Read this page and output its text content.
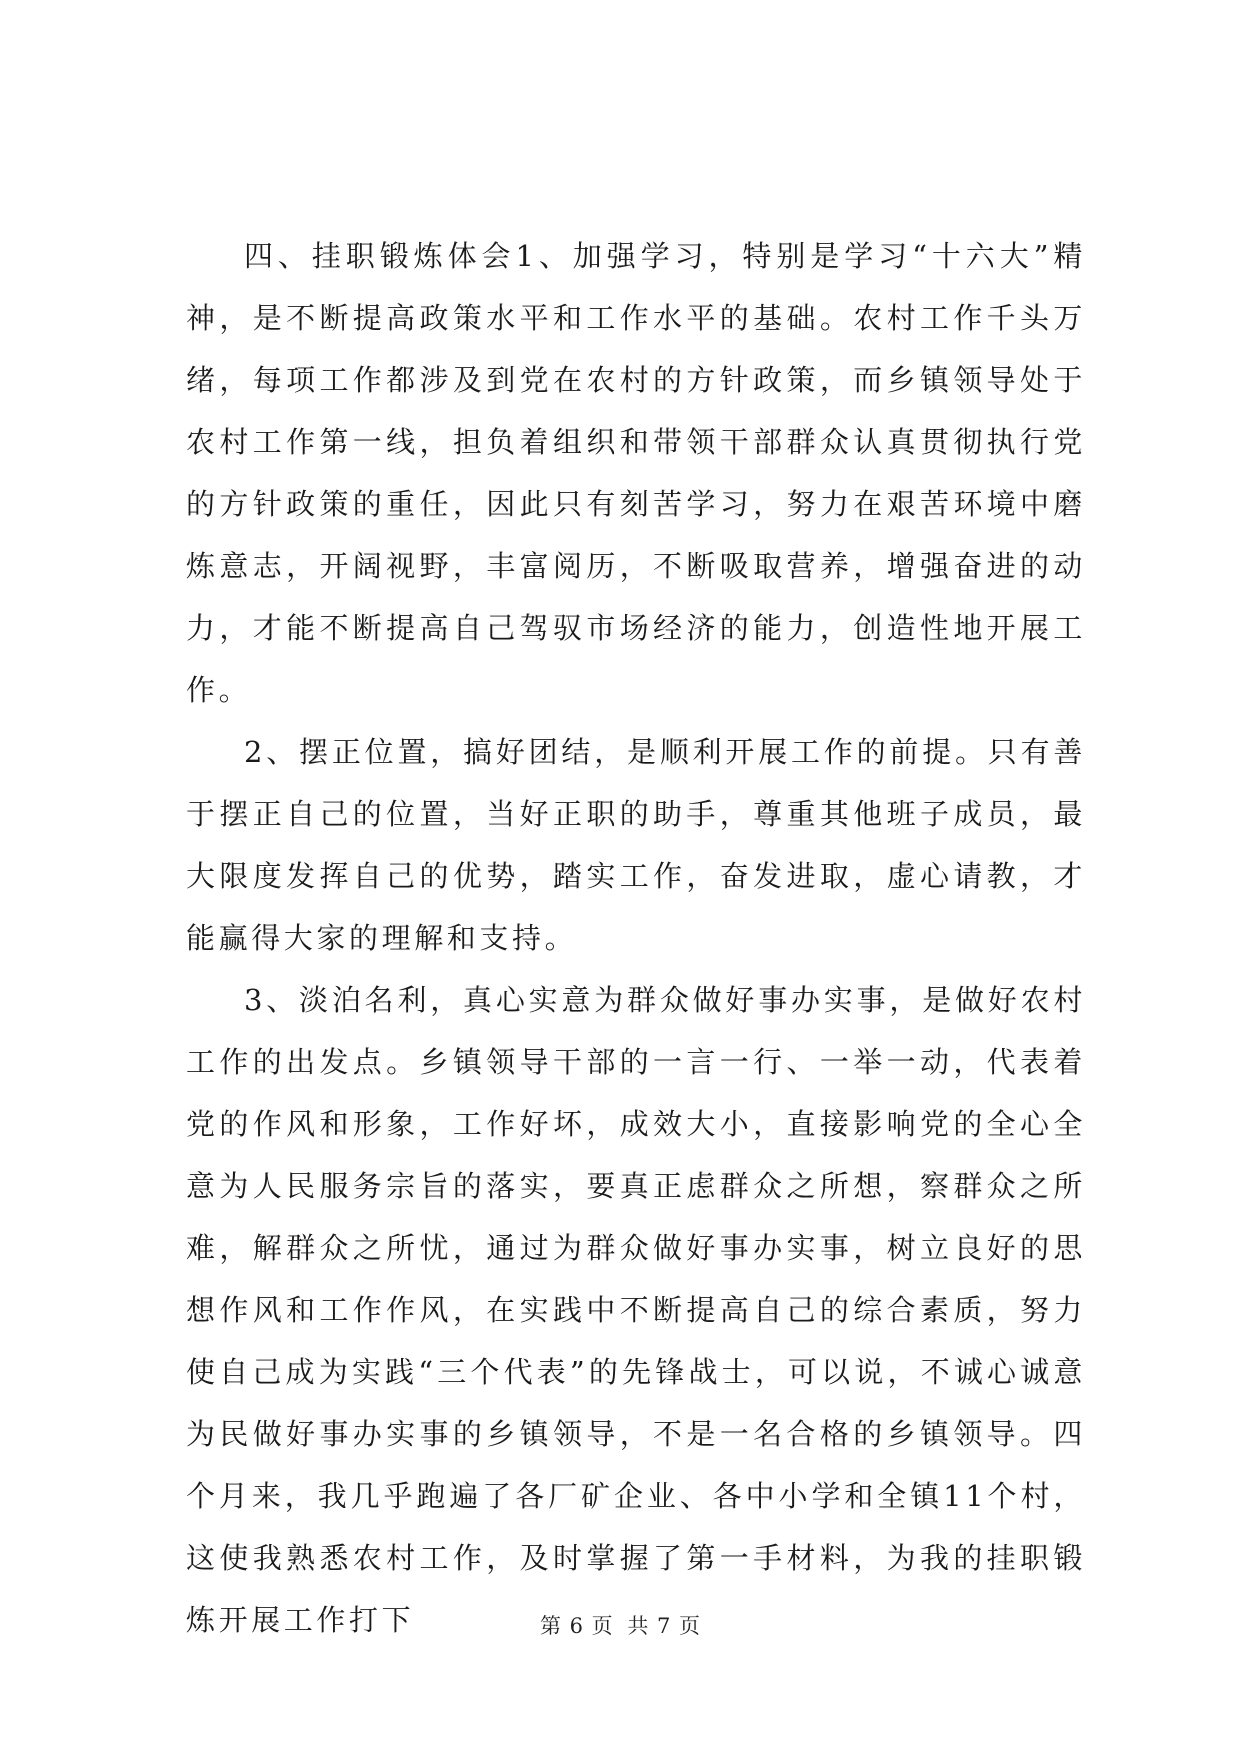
四、挂职锻炼体会1、加强学习，特别是学习“十六大”精神，是不断提高政策水平和工作水平的基础。农村工作千头万绪，每项工作都涉及到党在农村的方针政策，而乡镇领导处于农村工作第一线，担负着组织和带领干部群众认真贯彻执行党的方针政策的重任，因此只有刻苦学习，努力在艰苦环境中磨炼意志，开阔视野，丰富阅历，不断吸取营养，增强奋进的动力，才能不断提高自己驾驭市场经济的能力，创造性地开展工作。

2、摆正位置，搞好团结，是顺利开展工作的前提。只有善于摆正自己的位置，当好正职的助手，尊重其他班子成员，最大限度发挥自己的优势，踏实工作，奋发进取，虚心请教，才能赢得大家的理解和支持。

3、淡泊名利，真心实意为群众做好事办实事，是做好农村工作的出发点。乡镇领导干部的一言一行、一举一动，代表着党的作风和形象，工作好坏，成效大小，直接影响党的全心全意为人民服务宗旨的落实，要真正虑群众之所想，察群众之所难，解群众之所忧，通过为群众做好事办实事，树立良好的思想作风和工作作风，在实践中不断提高自己的综合素质，努力使自己成为实践“三个代表”的先锋战士，可以说，不诚心诚意为民做好事办实事的乡镇领导，不是一名合格的乡镇领导。四个月来，我几乎跑遍了各厂矿企业、各中小学和全镇11个村，这使我熟悉农村工作，及时掌握了第一手材料，为我的挂职锻炼开展工作打下	第 6 页 共 7 页
